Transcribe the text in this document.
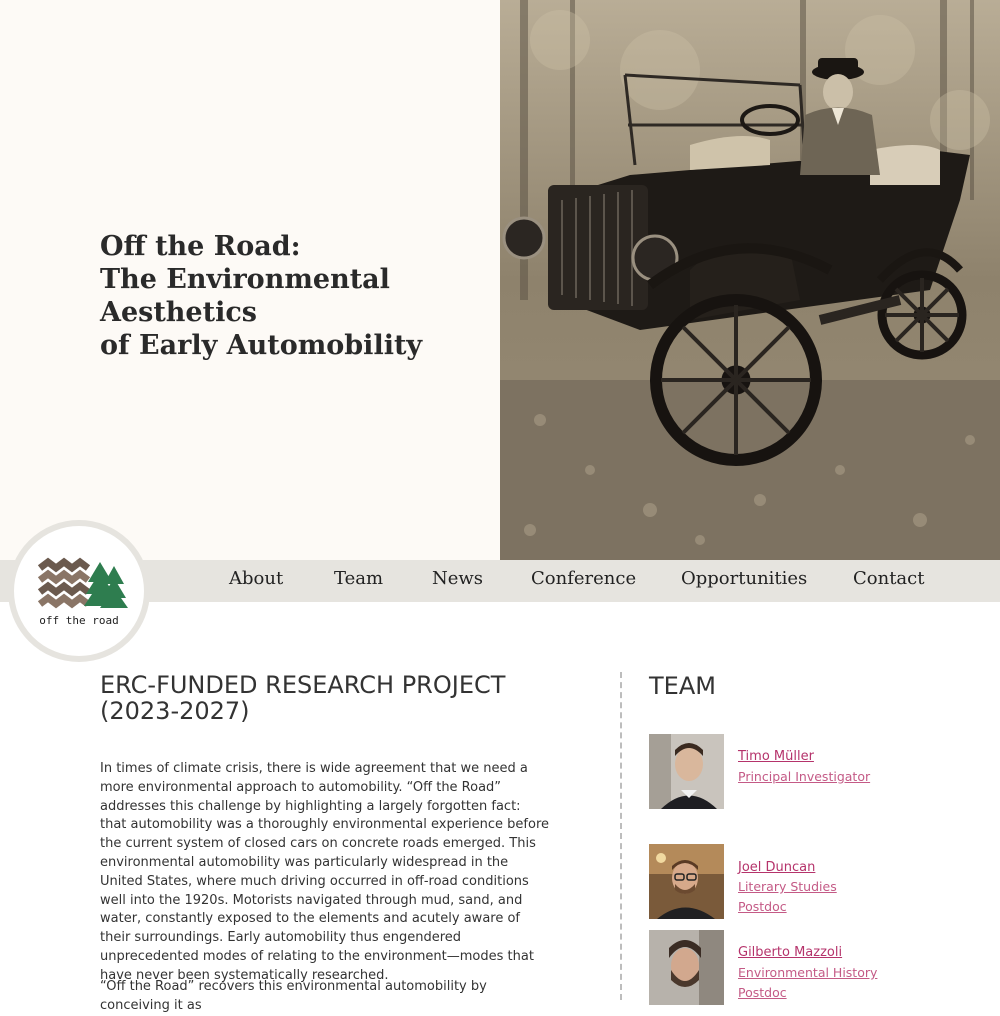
Off the Road:
The Environmental Aesthetics
of Early Automobility
About	Team	News	Conference Opportunities	Contact
off the road
ERC-FUNDED RESEARCH PROJECT
(2023-2027)

In times of climate crisis, there is wide agreement that we need a more environmental approach to automobility. “Off the Road” addresses this challenge by highlighting a largely forgotten fact: that automobility was a thoroughly environmental experience before the current system of closed cars on concrete roads emerged. This environmental automobility was particularly widespread in the United States, where much driving occurred in off-road conditions well into the 1920s. Motorists navigated through mud, sand, and water, constantly exposed to the elements and acutely aware of their surroundings. Early automobility thus engendered unprecedented modes of relating to the environment—modes that have never been systematically researched.

“Off the Road” recovers this environmental automobility by conceiving it as

TEAM
Timo Müller
Principal Investigator
Joel Duncan
Literary Studies Postdoc
Gilberto Mazzoli
Environmental History Postdoc
